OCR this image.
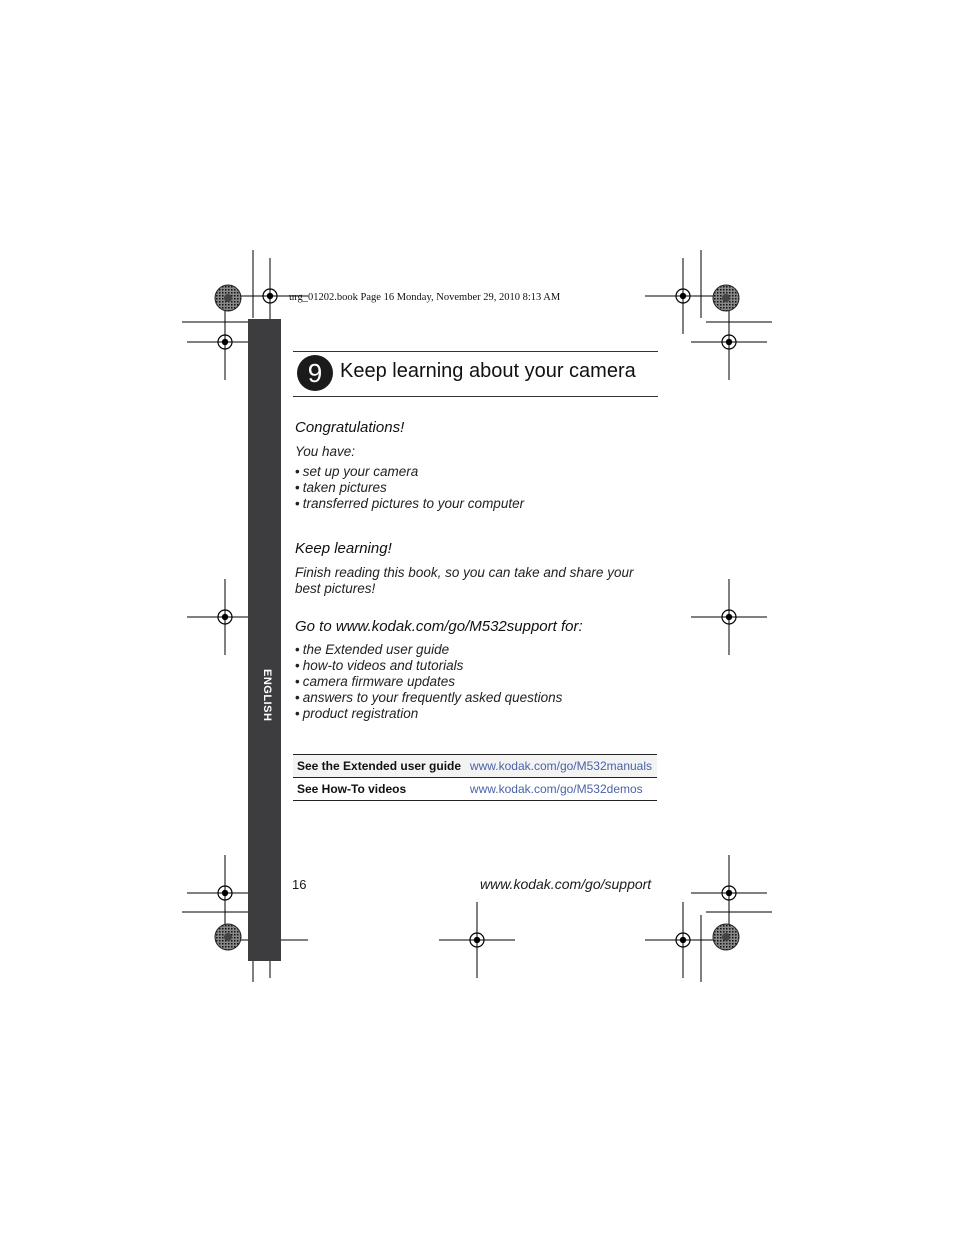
urg_01202.book Page 16 Monday, November 29, 2010 8:13 AM
ENGLISH
9 Keep learning about your camera
Congratulations!
You have:
• set up your camera
• taken pictures
• transferred pictures to your computer
Keep learning!
Finish reading this book, so you can take and share your best pictures!
Go to www.kodak.com/go/M532support for:
• the Extended user guide
• how-to videos and tutorials
• camera firmware updates
• answers to your frequently asked questions
• product registration
See the Extended user guide	www.kodak.com/go/M532manuals
See How-To videos	www.kodak.com/go/M532demos
16	www.kodak.com/go/support
